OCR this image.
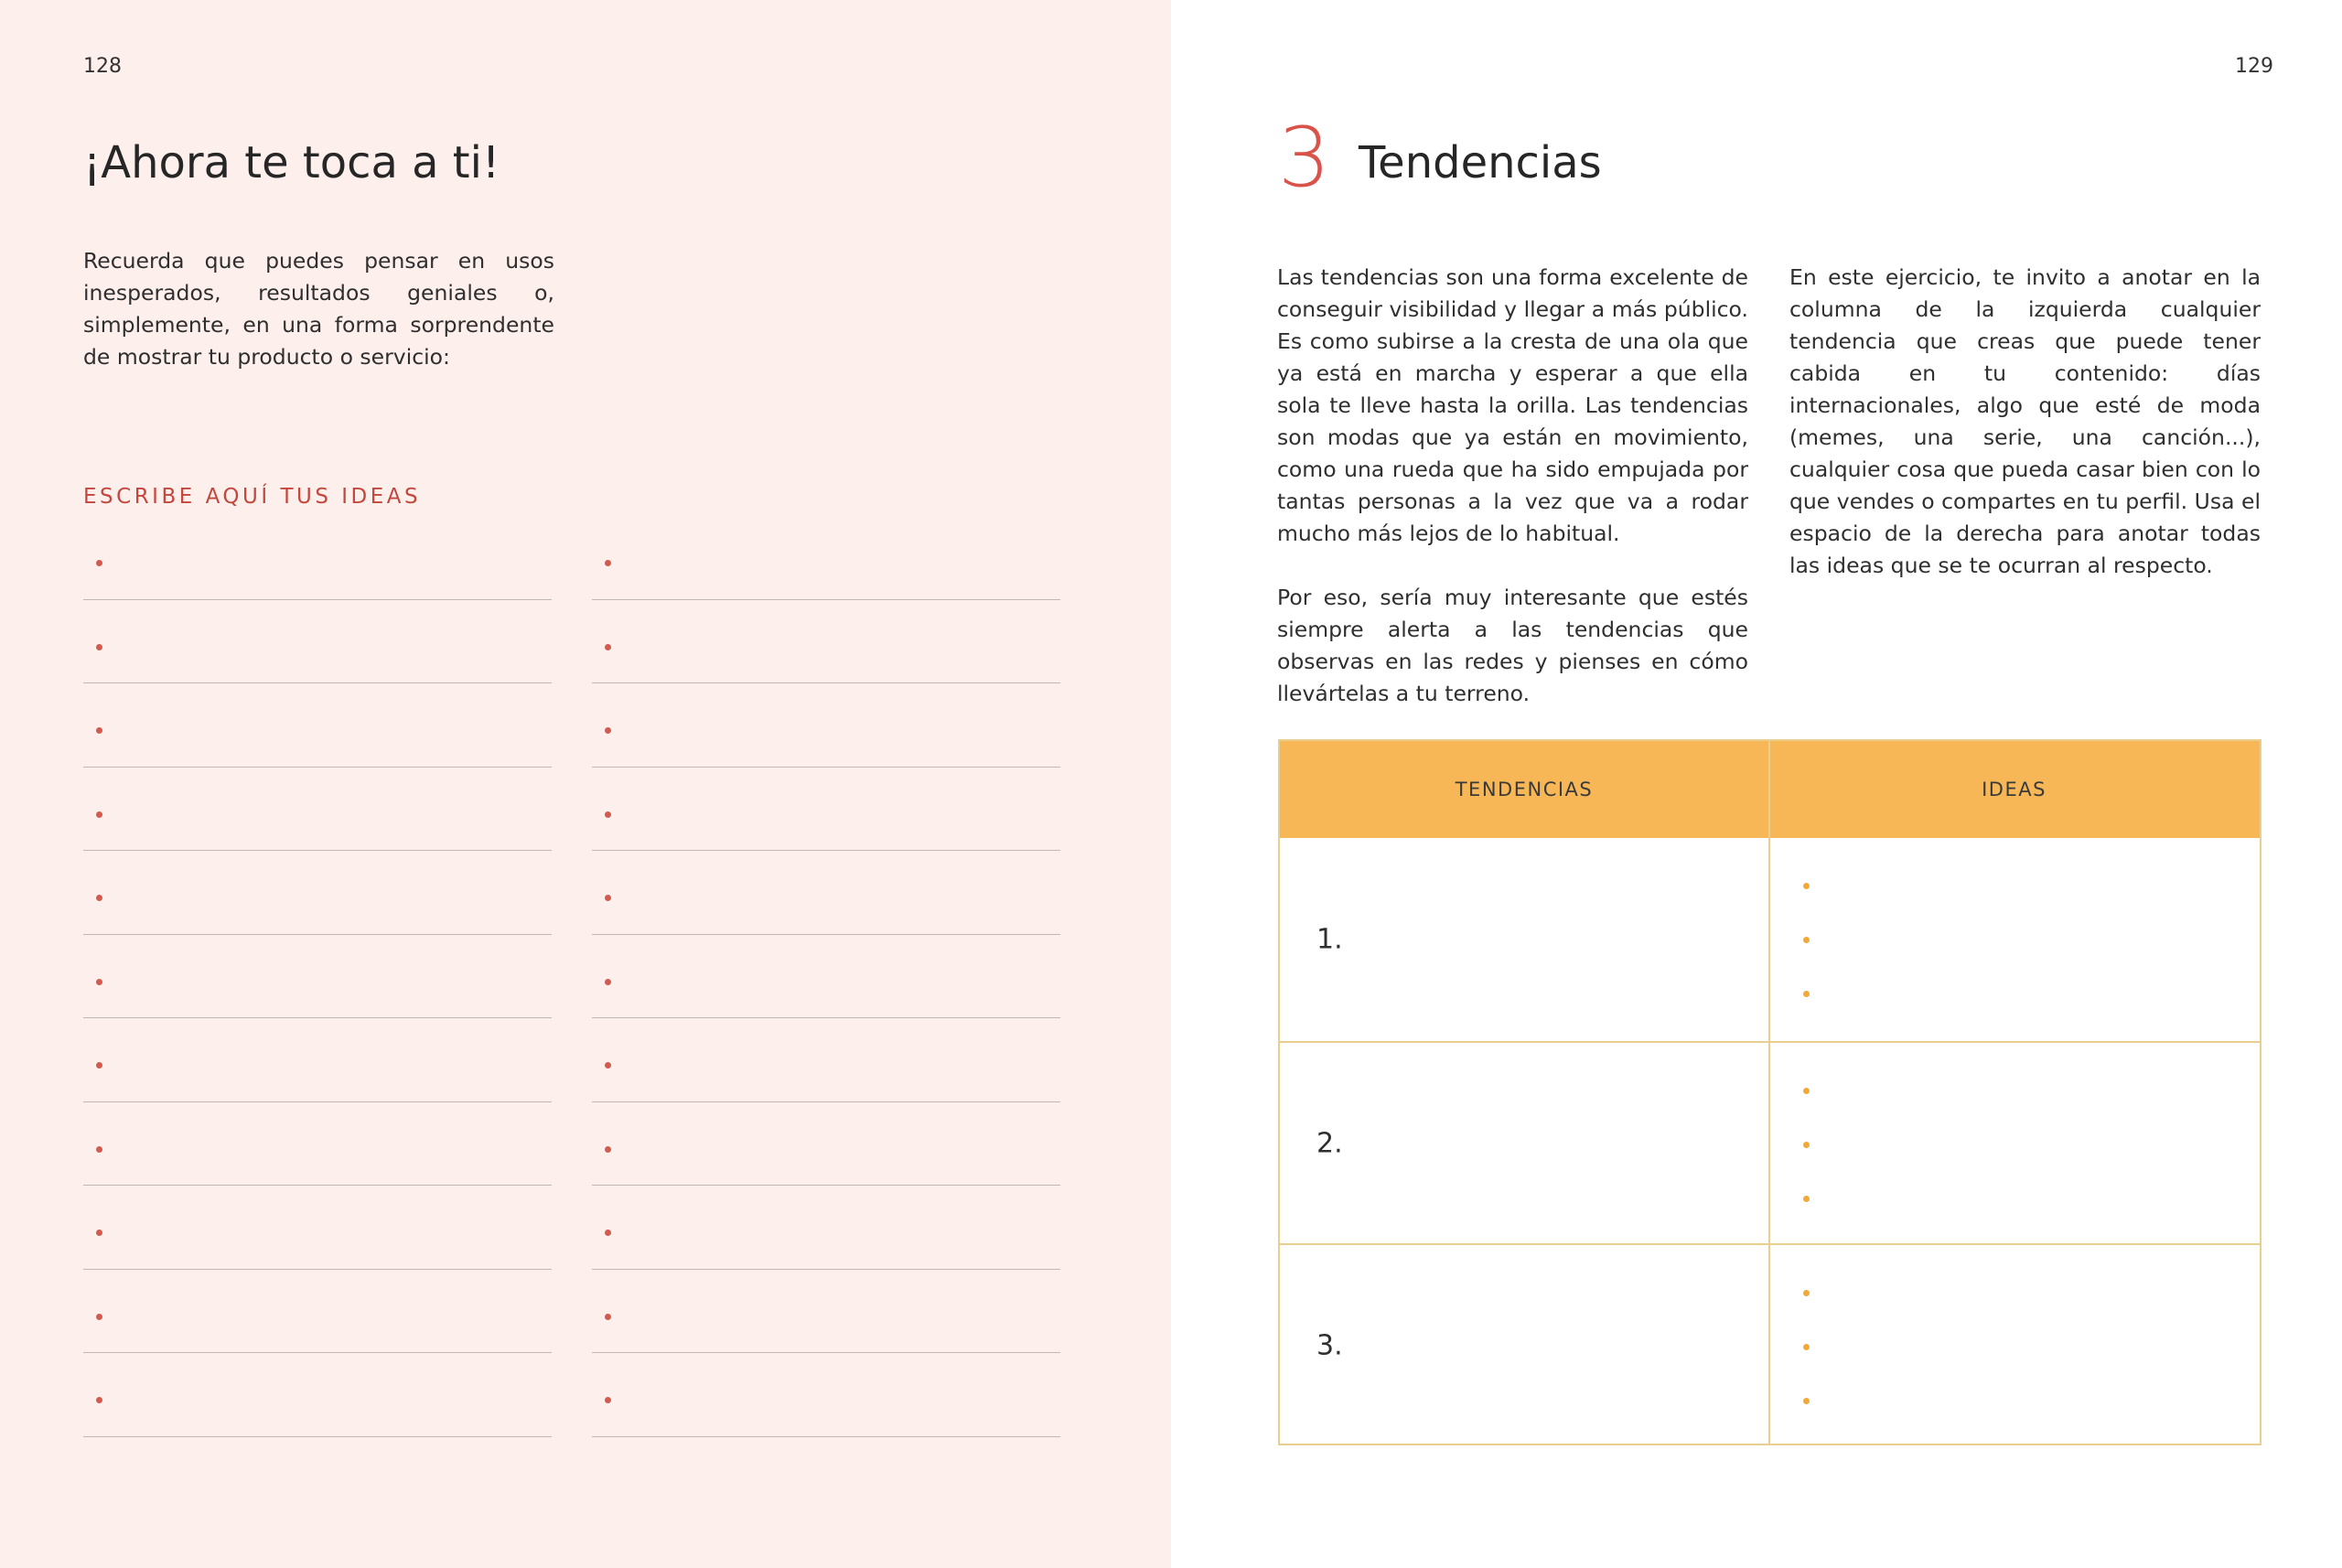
128
¡Ahora te toca a ti!

Recuerda que puedes pensar en usos inesperados, resultados geniales o, simplemente, en una forma sorprendente de mostrar tu producto o servicio:

ESCRIBE AQUÍ TUS IDEAS
129
3 Tendencias

Las tendencias son una forma excelente de conseguir visibilidad y llegar a más público. Es como subirse a la cresta de una ola que ya está en marcha y esperar a que ella sola te lleve hasta la orilla. Las tendencias son modas que ya están en movimiento, como una rueda que ha sido empujada por tantas personas a la vez que va a rodar mucho más lejos de lo habitual.

Por eso, sería muy interesante que estés siempre alerta a las tendencias que observas en las redes y pienses en cómo llevártelas a tu terreno.

En este ejercicio, te invito a anotar en la columna de la izquierda cualquier tendencia que creas que puede tener cabida en tu contenido: días internacionales, algo que esté de moda (memes, una serie, una canción...), cualquier cosa que pueda casar bien con lo que vendes o compartes en tu perfil. Usa el espacio de la derecha para anotar todas las ideas que se te ocurran al respecto.

TENDENCIAS	IDEAS
1.
2.
3.
